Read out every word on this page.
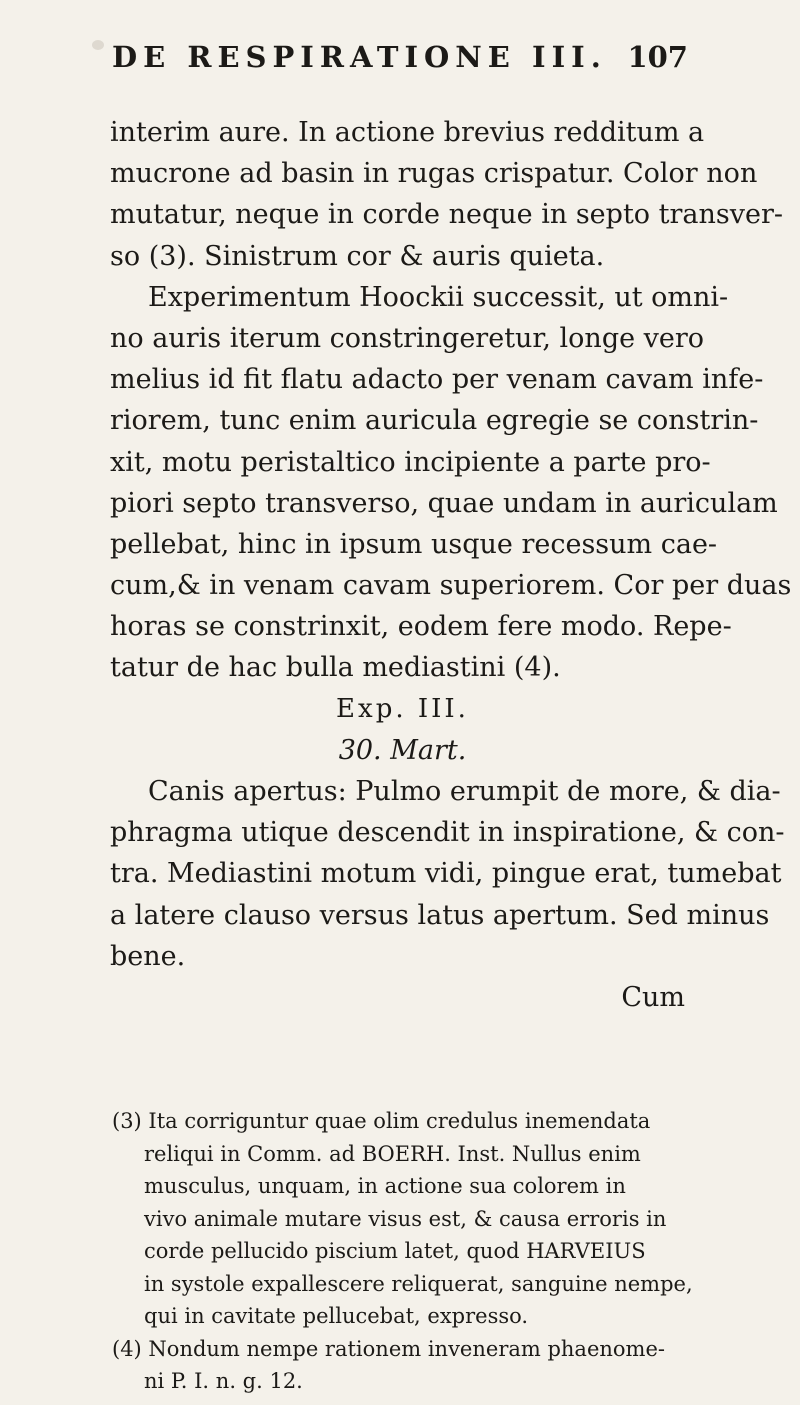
DE RESPIRATIONE III. 107
interim aure. In actione brevius redditum a
mucrone ad basin in rugas crispatur. Color non
mutatur, neque in corde neque in septo transver-
so (3). Sinistrum cor & auris quieta.
Experimentum Hoockii successit, ut omni-
no auris iterum constringeretur, longe vero
melius id fit flatu adacto per venam cavam infe-
riorem, tunc enim auricula egregie se constrin-
xit, motu peristaltico incipiente a parte pro-
piori septo transverso, quae undam in auriculam
pellebat, hinc in ipsum usque recessum cae-
cum,& in venam cavam superiorem. Cor per duas
horas se constrinxit, eodem fere modo. Repe-
tatur de hac bulla mediastini (4).
Exp. III.
30. Mart.
Canis apertus: Pulmo erumpit de more, & dia-
phragma utique descendit in inspiratione, & con-
tra. Mediastini motum vidi, pingue erat, tumebat
a latere clauso versus latus apertum. Sed minus
bene.
Cum
(3) Ita corriguntur quae olim credulus inemendata
reliqui in Comm. ad BOERH. Inst. Nullus enim
musculus, unquam, in actione sua colorem in
vivo animale mutare visus est, & causa erroris in
corde pellucido piscium latet, quod HARVEIUS
in systole expallescere reliquerat, sanguine nempe,
qui in cavitate pellucebat, expresso.
(4) Nondum nempe rationem inveneram phaenome-
ni P. I. n. g. 12.
